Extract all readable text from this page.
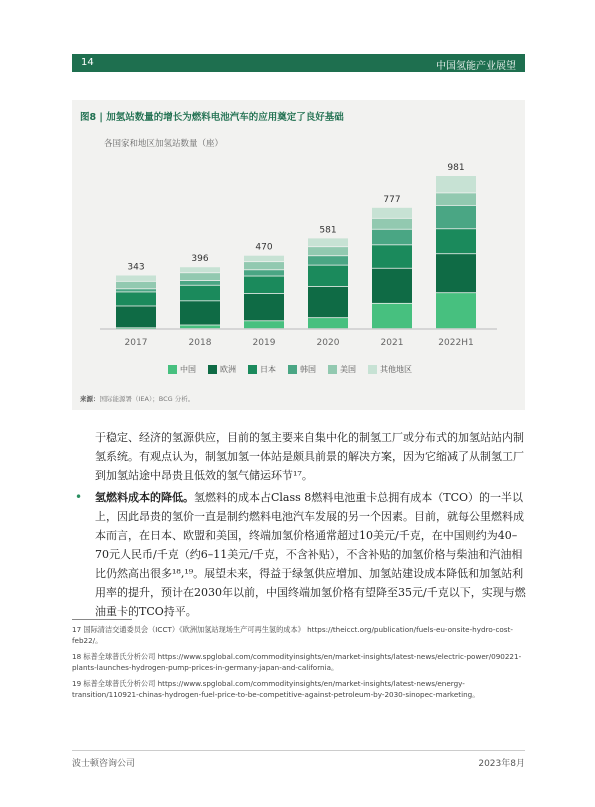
14	中国氢能产业展望
图8 | 加氢站数量的增长为燃料电池汽车的应用奠定了良好基础
各国家和地区加氢站数量（座）
343
2017
396
2018
470
2019
581
2020
777
2021
981
2022H1
中国	欧洲	日本	韩国	美国	其他地区
来源：国际能源署（IEA）；BCG 分析。
于稳定、经济的氢源供应，目前的氢主要来自集中化的制氢工厂或分布式的加氢站站内制氢系统。有观点认为，制氢加氢一体站是颇具前景的解决方案，因为它缩减了从制氢工厂到加氢站途中昂贵且低效的氢气储运环节¹⁷。
• 氢燃料成本的降低。氢燃料的成本占Class 8燃料电池重卡总拥有成本（TCO）的一半以上，因此昂贵的氢价一直是制约燃料电池汽车发展的另一个因素。目前，就每公里燃料成本而言，在日本、欧盟和美国，终端加氢价格通常超过10美元/千克，在中国则约为40–70元人民币/千克（约6–11美元/千克，不含补贴），不含补贴的加氢价格与柴油和汽油相比仍然高出很多¹⁸,¹⁹。展望未来，得益于绿氢供应增加、加氢站建设成本降低和加氢站利用率的提升，预计在2030年以前，中国终端加氢价格有望降至35元/千克以下，实现与燃油重卡的TCO持平。
17 国际清洁交通委员会（ICCT）《欧洲加氢站现场生产可再生氢的成本》 https://theicct.org/publication/fuels-eu-onsite-hydro-cost-feb22/。
18 标普全球普氏分析公司 https://www.spglobal.com/commodityinsights/en/market-insights/latest-news/electric-power/090221-plants-launches-hydrogen-pump-prices-in-germany-japan-and-california。
19 标普全球普氏分析公司 https://www.spglobal.com/commodityinsights/en/market-insights/latest-news/energy-transition/110921-chinas-hydrogen-fuel-price-to-be-competitive-against-petroleum-by-2030-sinopec-marketing。
波士顿咨询公司	2023年8月
